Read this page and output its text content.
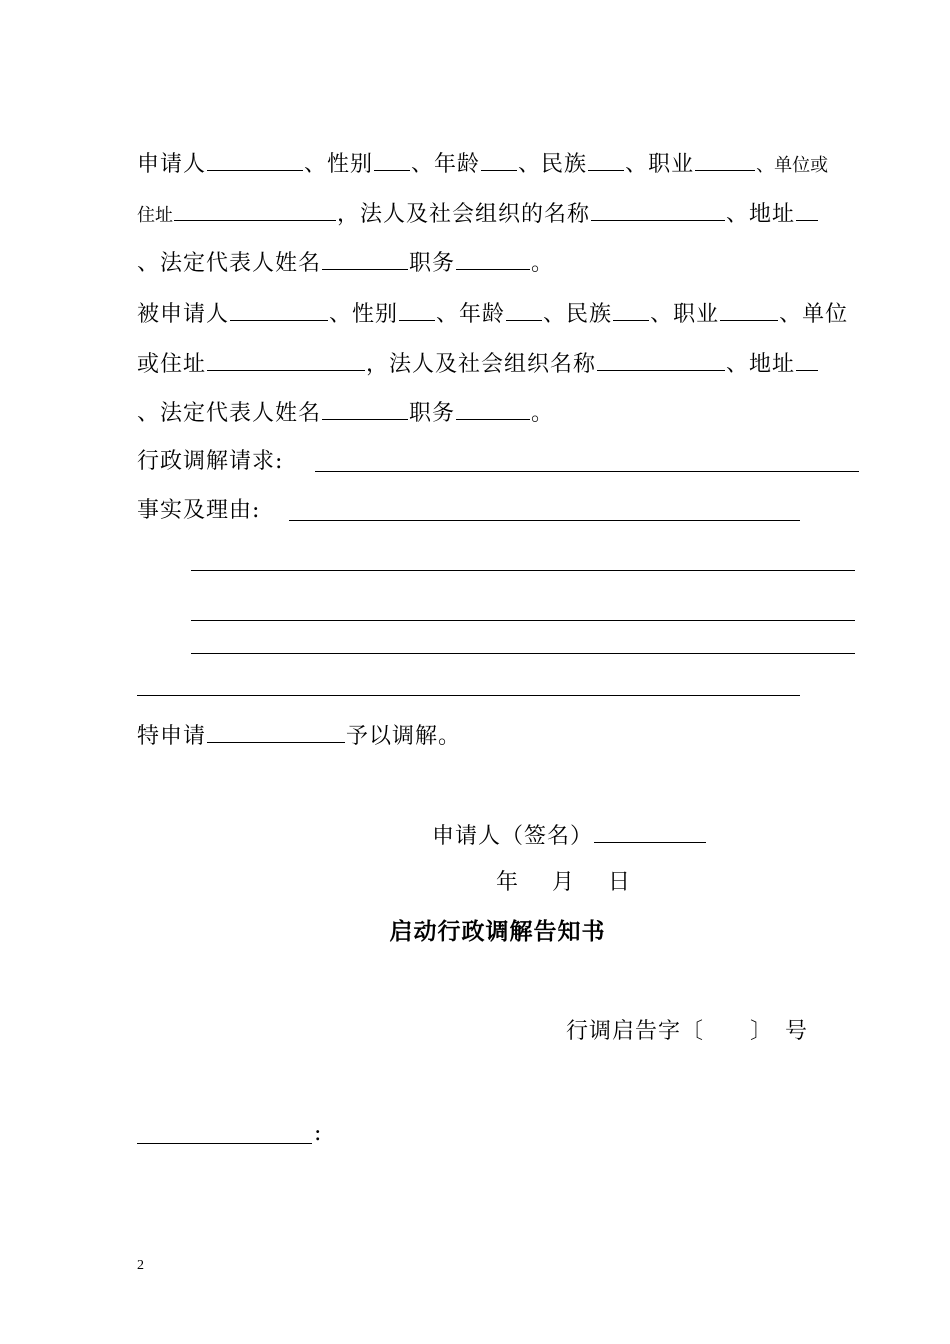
申请人	、性别 、年龄 、民族 、职业	、单位或
住址	，法人及社会组织的名称	、地址
、法定代表人姓名	职务	。
被申请人	、性别 、年龄 、民族 、职业	、单位
或住址	，法人及社会组织名称	、地址
、法定代表人姓名	职务	。
行政调解请求:
事实及理由:
特申请	予以调解。
申请人（签名）
年　月　日
启动行政调解告知书
行调启告字〔　　〕　号
:
2
